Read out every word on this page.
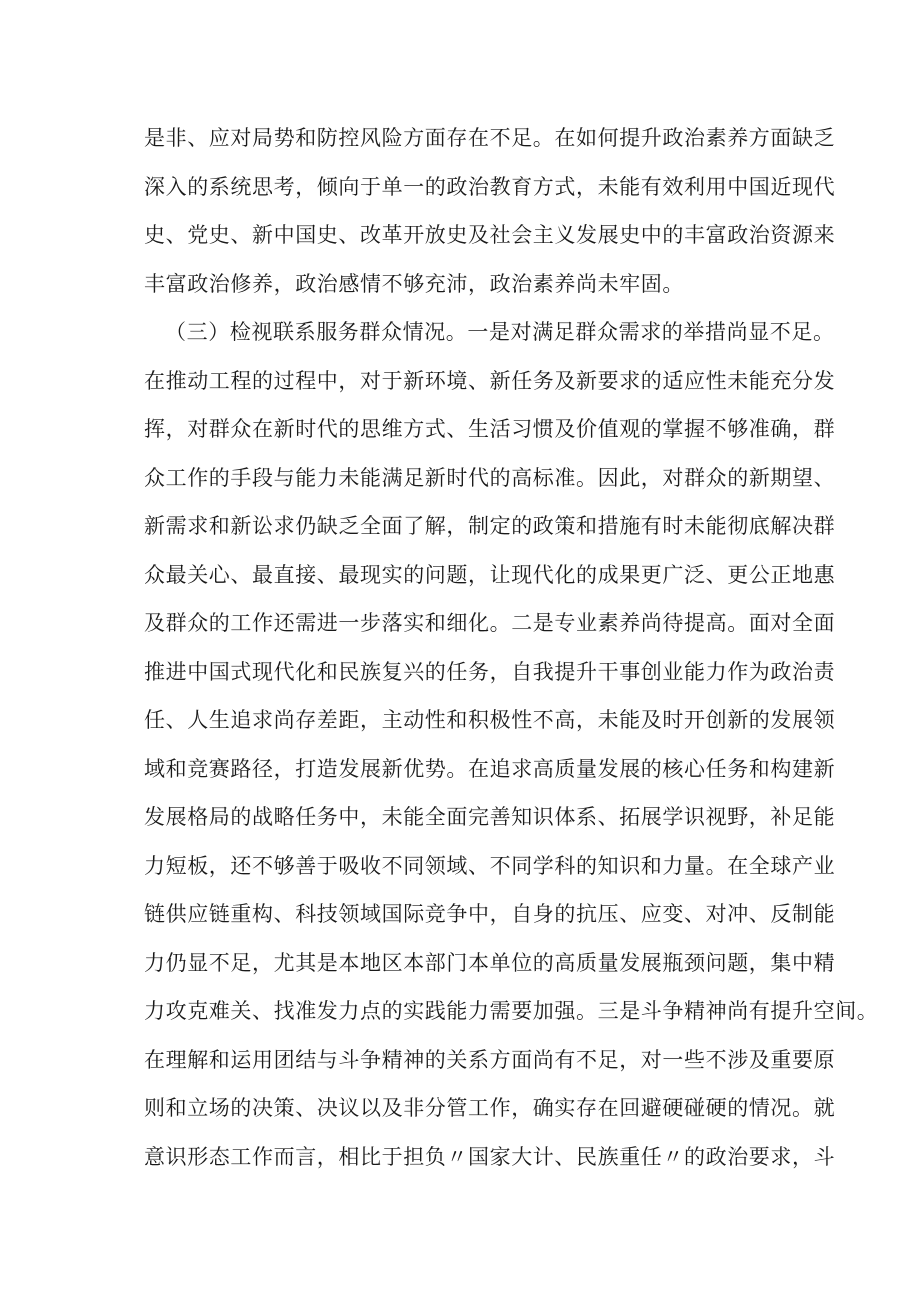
是非、应对局势和防控风险方面存在不足。在如何提升政治素养方面缺乏
深入的系统思考，倾向于单一的政治教育方式，未能有效利用中国近现代
史、党史、新中国史、改革开放史及社会主义发展史中的丰富政治资源来
丰富政治修养，政治感情不够充沛，政治素养尚未牢固。
（三）检视联系服务群众情况。一是对满足群众需求的举措尚显不足。
在推动工程的过程中，对于新环境、新任务及新要求的适应性未能充分发
挥，对群众在新时代的思维方式、生活习惯及价值观的掌握不够准确，群
众工作的手段与能力未能满足新时代的高标准。因此，对群众的新期望、
新需求和新讼求仍缺乏全面了解，制定的政策和措施有时未能彻底解决群
众最关心、最直接、最现实的问题，让现代化的成果更广泛、更公正地惠
及群众的工作还需进一步落实和细化。二是专业素养尚待提高。面对全面
推进中国式现代化和民族复兴的任务，自我提升干事创业能力作为政治责
任、人生追求尚存差距，主动性和积极性不高，未能及时开创新的发展领
域和竞赛路径，打造发展新优势。在追求高质量发展的核心任务和构建新
发展格局的战略任务中，未能全面完善知识体系、拓展学识视野，补足能
力短板，还不够善于吸收不同领域、不同学科的知识和力量。在全球产业
链供应链重构、科技领域国际竞争中，自身的抗压、应变、对冲、反制能
力仍显不足，尤其是本地区本部门本单位的高质量发展瓶颈问题，集中精
力攻克难关、找准发力点的实践能力需要加强。三是斗争精神尚有提升空间。
在理解和运用团结与斗争精神的关系方面尚有不足，对一些不涉及重要原
则和立场的决策、决议以及非分管工作，确实存在回避硬碰硬的情况。就
意识形态工作而言，相比于担负〃国家大计、民族重任〃的政治要求，斗
